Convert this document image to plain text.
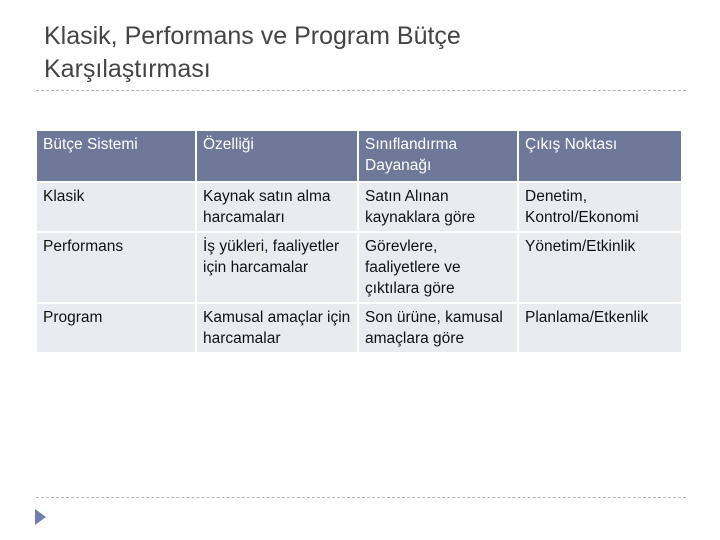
Klasik, Performans ve Program Bütçe
Karşılaştırması
Bütçe Sistemi	Özelliği	Sınıflandırma Dayanağı	Çıkış Noktası
Klasik	Kaynak satın alma harcamaları	Satın Alınan kaynaklara göre	Denetim, Kontrol/Ekonomi
Performans	İş yükleri, faaliyetler için harcamalar	Görevlere, faaliyetlere ve çıktılara göre	Yönetim/Etkinlik
Program	Kamusal amaçlar için harcamalar	Son ürüne, kamusal amaçlara göre	Planlama/Etkenlik
